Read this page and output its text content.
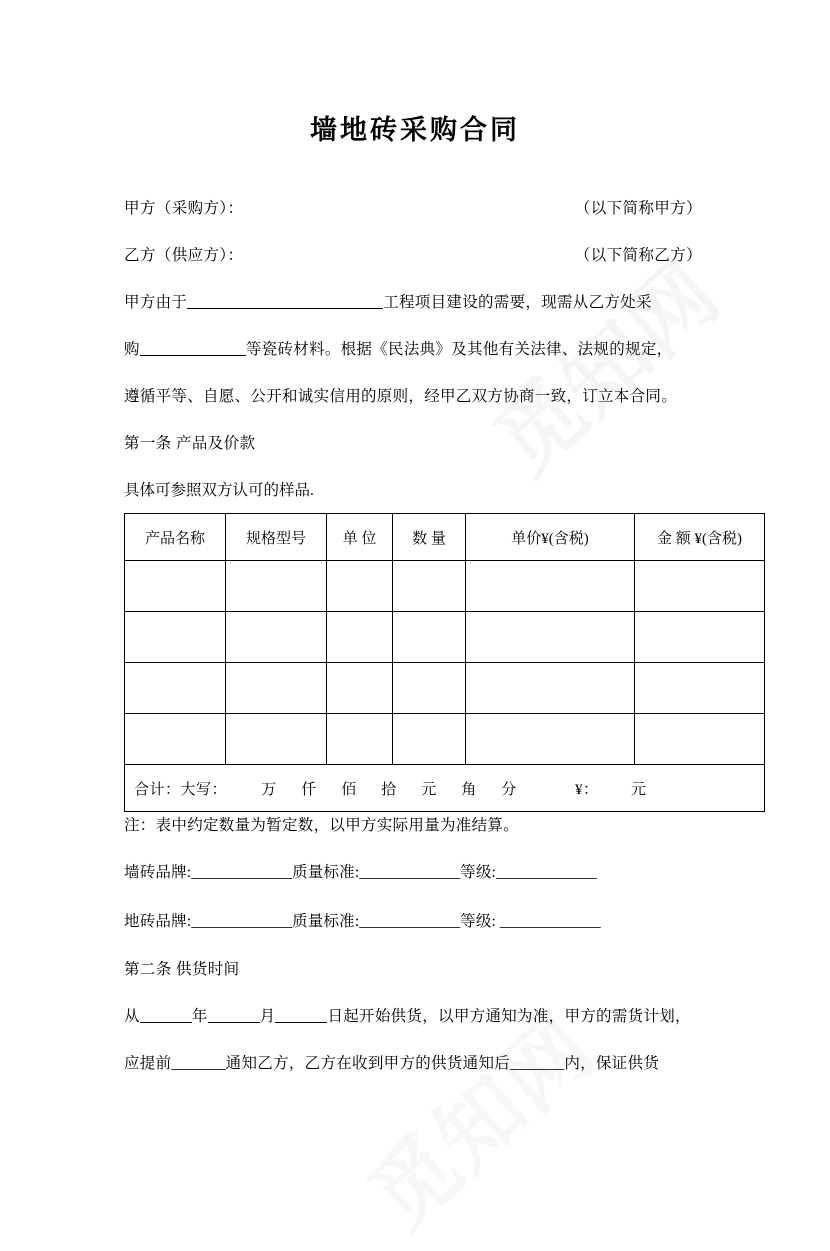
墙地砖采购合同
甲方（采购方）：	（以下简称甲方）
乙方（供应方）：	（以下简称乙方）
甲方由于	工程项目建设的需要，现需从乙方处采
购	等瓷砖材料。根据《民法典》及其他有关法律、法规的规定，
遵循平等、自愿、公开和诚实信用的原则，经甲乙双方协商一致，订立本合同。
第一条 产品及价款
具体可参照双方认可的样品.
产品名称	规格型号	单 位	数 量	单价¥(含税)	金 额 ¥(含税)

合计：大写： 万 仟 佰 拾 元 角 分 ¥： 元					
注：表中约定数量为暂定数，以甲方实际用量为准结算。
墙砖品牌:_____________质量标准:_____________等级:_____________
地砖品牌:_____________质量标准:_____________等级: _____________
第二条 供货时间
从	年	月	日起开始供货，以甲方通知为准，甲方的需货计划，
应提前_______通知乙方，乙方在收到甲方的供货通知后_______内，保证供货
